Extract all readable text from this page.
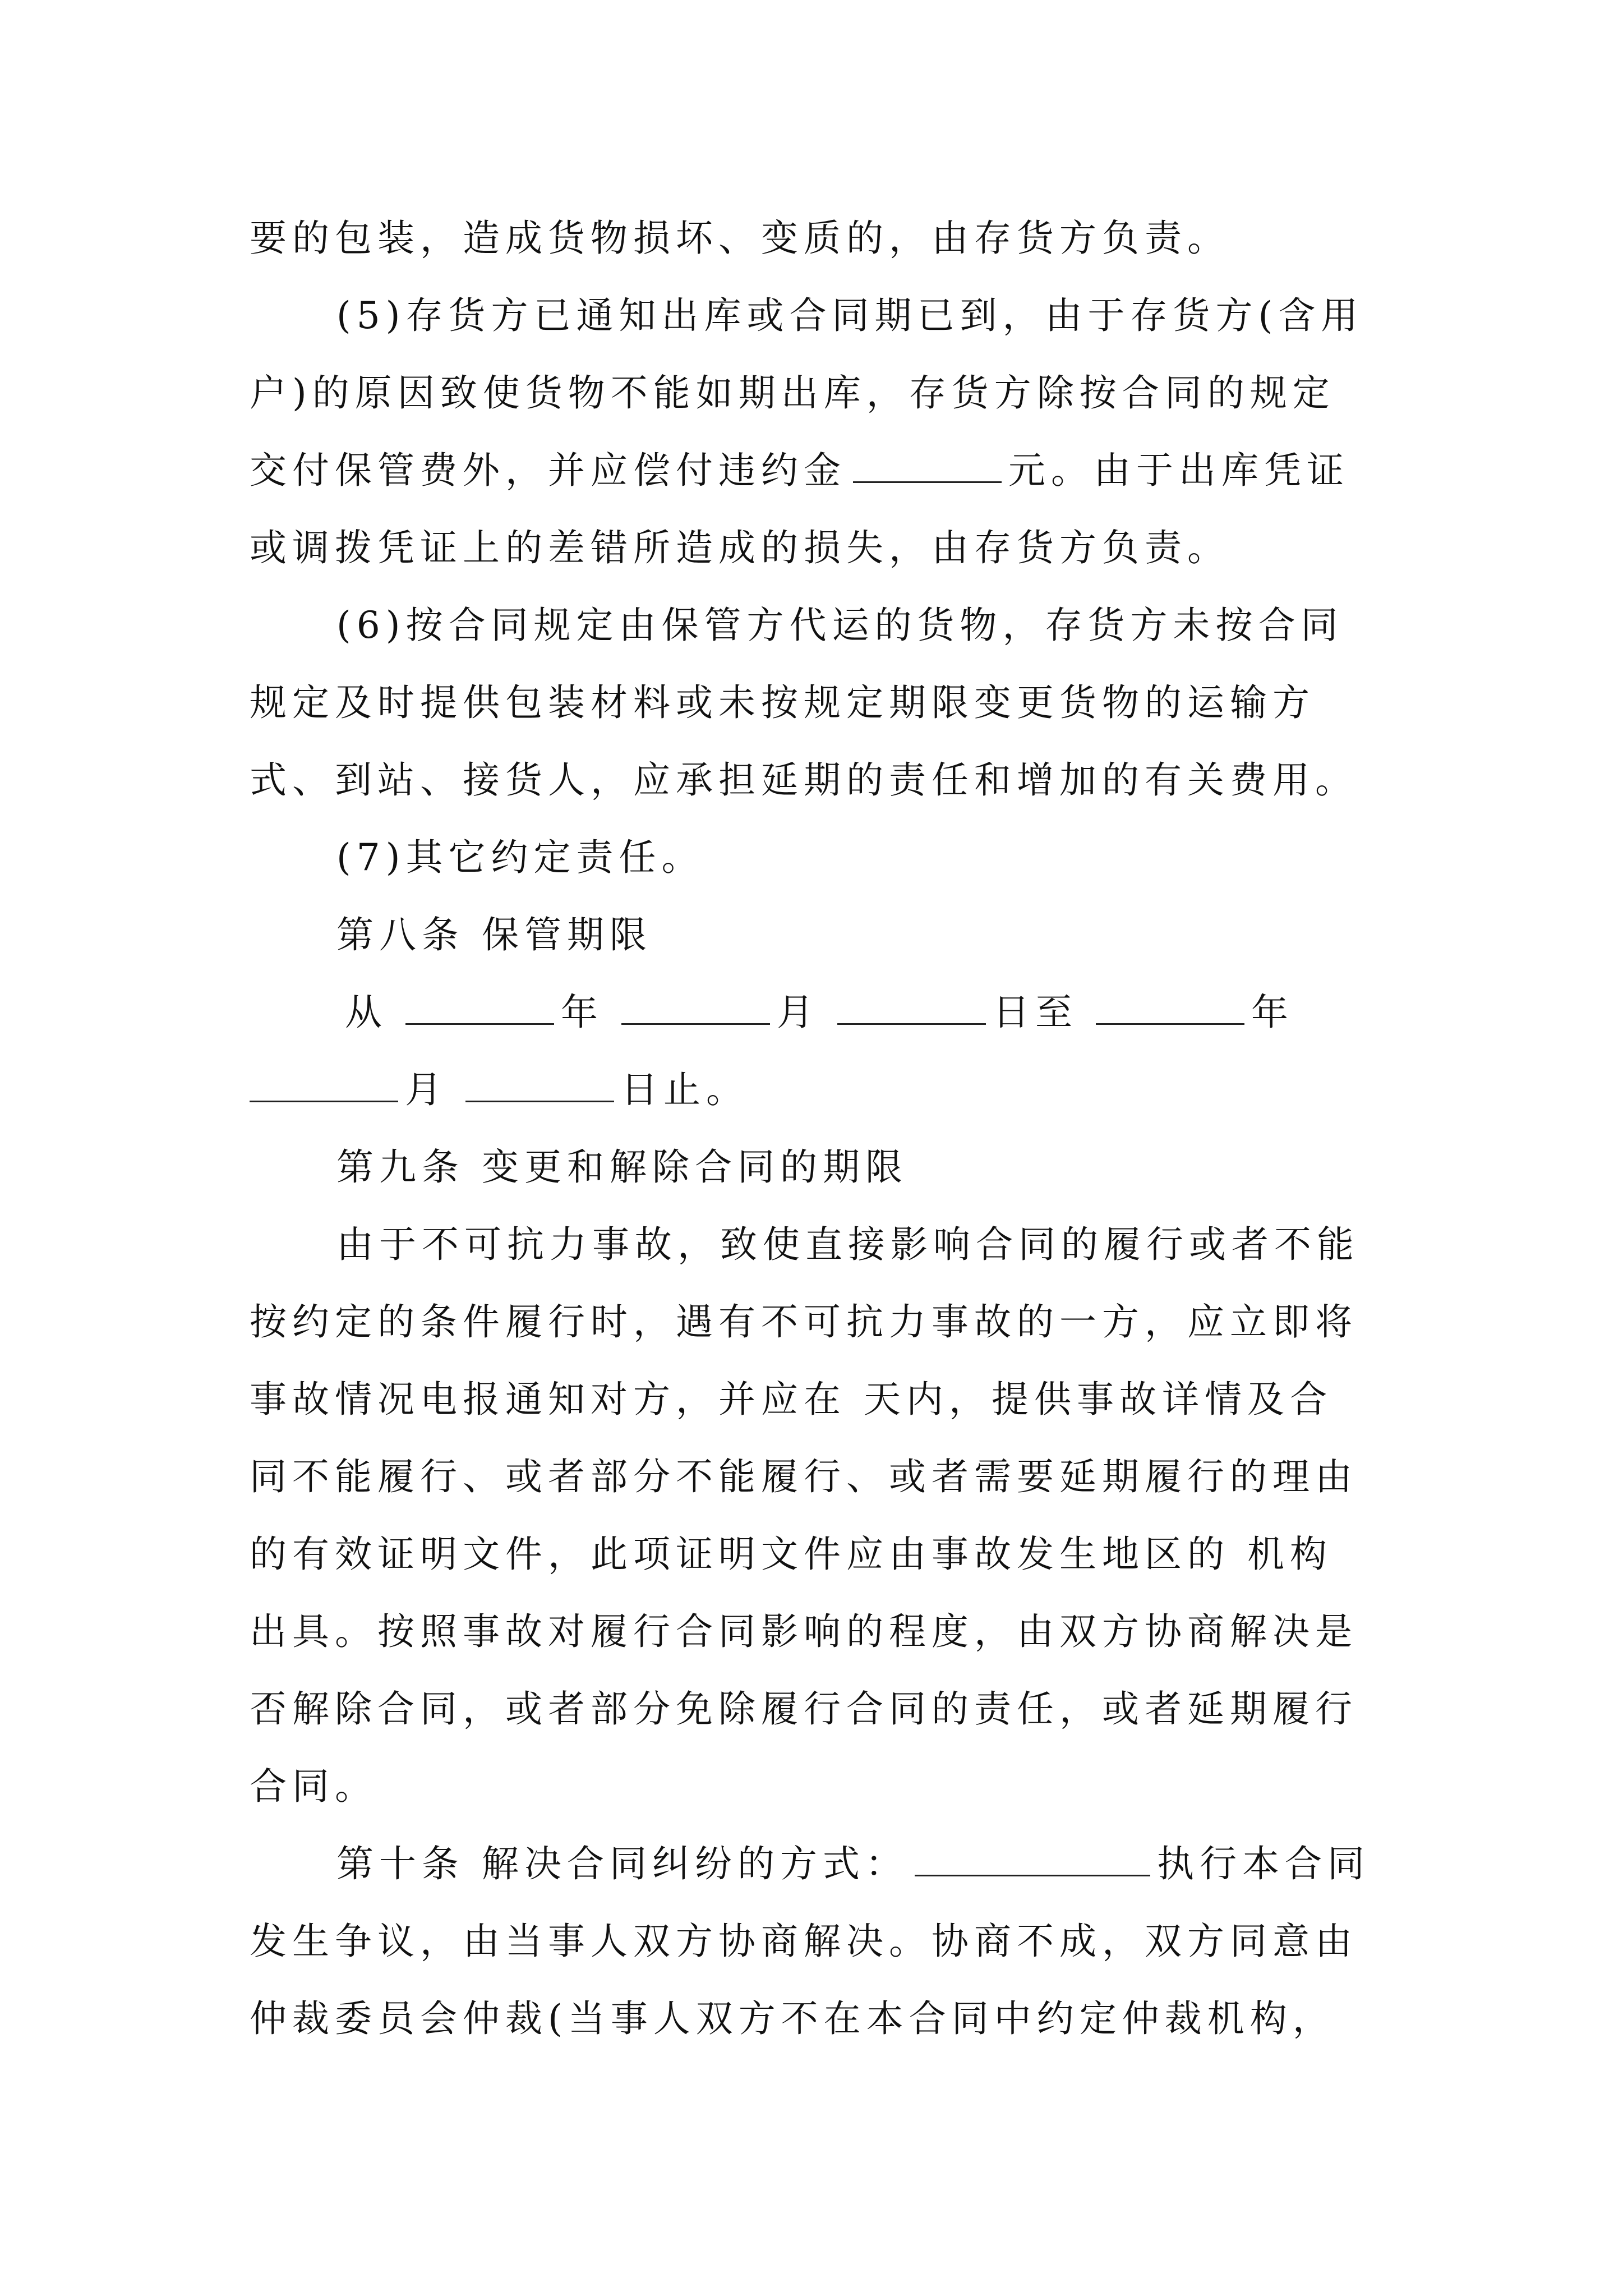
要的包装，造成货物损坏、变质的，由存货方负责。
(5)存货方已通知出库或合同期已到，由于存货方(含用
户)的原因致使货物不能如期出库，存货方除按合同的规定
交付保管费外，并应偿付违约金	元。由于出库凭证
或调拨凭证上的差错所造成的损失，由存货方负责。
(6)按合同规定由保管方代运的货物，存货方未按合同
规定及时提供包装材料或未按规定期限变更货物的运输方
式、到站、接货人，应承担延期的责任和增加的有关费用。
(7)其它约定责任。
第八条 保管期限
从	年	月	日至	年
月	日止。
第九条 变更和解除合同的期限
由于不可抗力事故，致使直接影响合同的履行或者不能
按约定的条件履行时，遇有不可抗力事故的一方，应立即将
事故情况电报通知对方，并应在 天内，提供事故详情及合
同不能履行、或者部分不能履行、或者需要延期履行的理由
的有效证明文件，此项证明文件应由事故发生地区的 机构
出具。按照事故对履行合同影响的程度，由双方协商解决是
否解除合同，或者部分免除履行合同的责任，或者延期履行
合同。
第十条 解决合同纠纷的方式：	执行本合同
发生争议，由当事人双方协商解决。协商不成，双方同意由
仲裁委员会仲裁(当事人双方不在本合同中约定仲裁机构，
